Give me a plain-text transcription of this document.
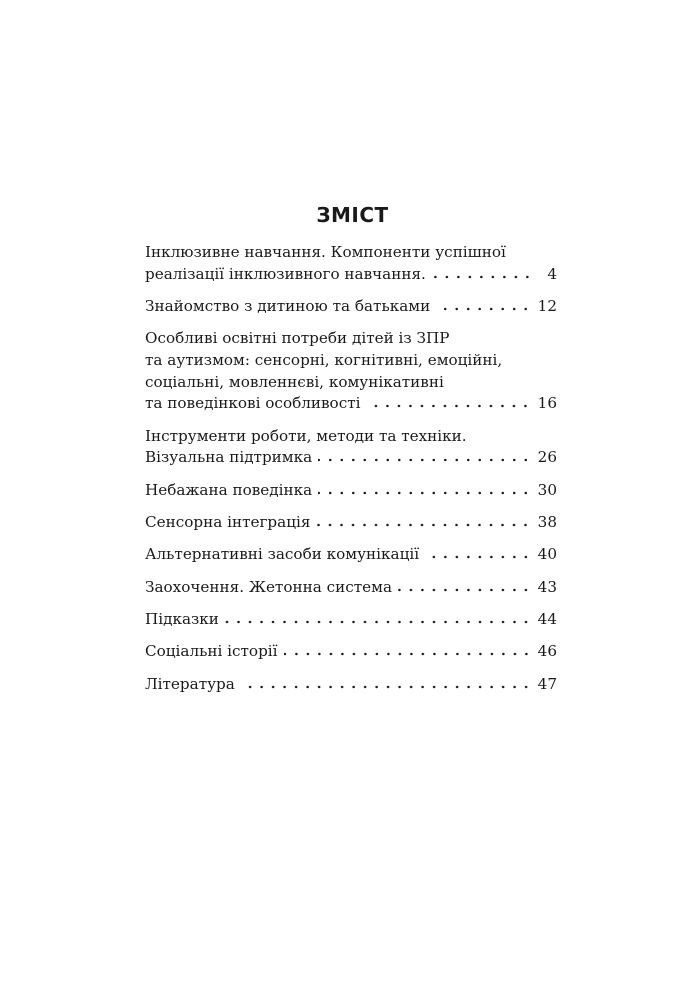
ЗМІСТ
Інклюзивне навчання. Компоненти успішної
реалізації інклюзивного навчання.	4
Знайомство з дитиною та батьками	12
Особливі освітні потреби дітей із ЗПР
та аутизмом: сенсорні, когнітивні, емоційні,
соціальні, мовленнєві, комунікативні
та поведінкові особливості	16
Інструменти роботи, методи та техніки.
Візуальна підтримка	26
Небажана поведінка	30
Сенсорна інтеграція	38
Альтернативні засоби комунікації	40
Заохочення. Жетонна система	43
Підказки	44
Соціальні історії	46
Література	47
